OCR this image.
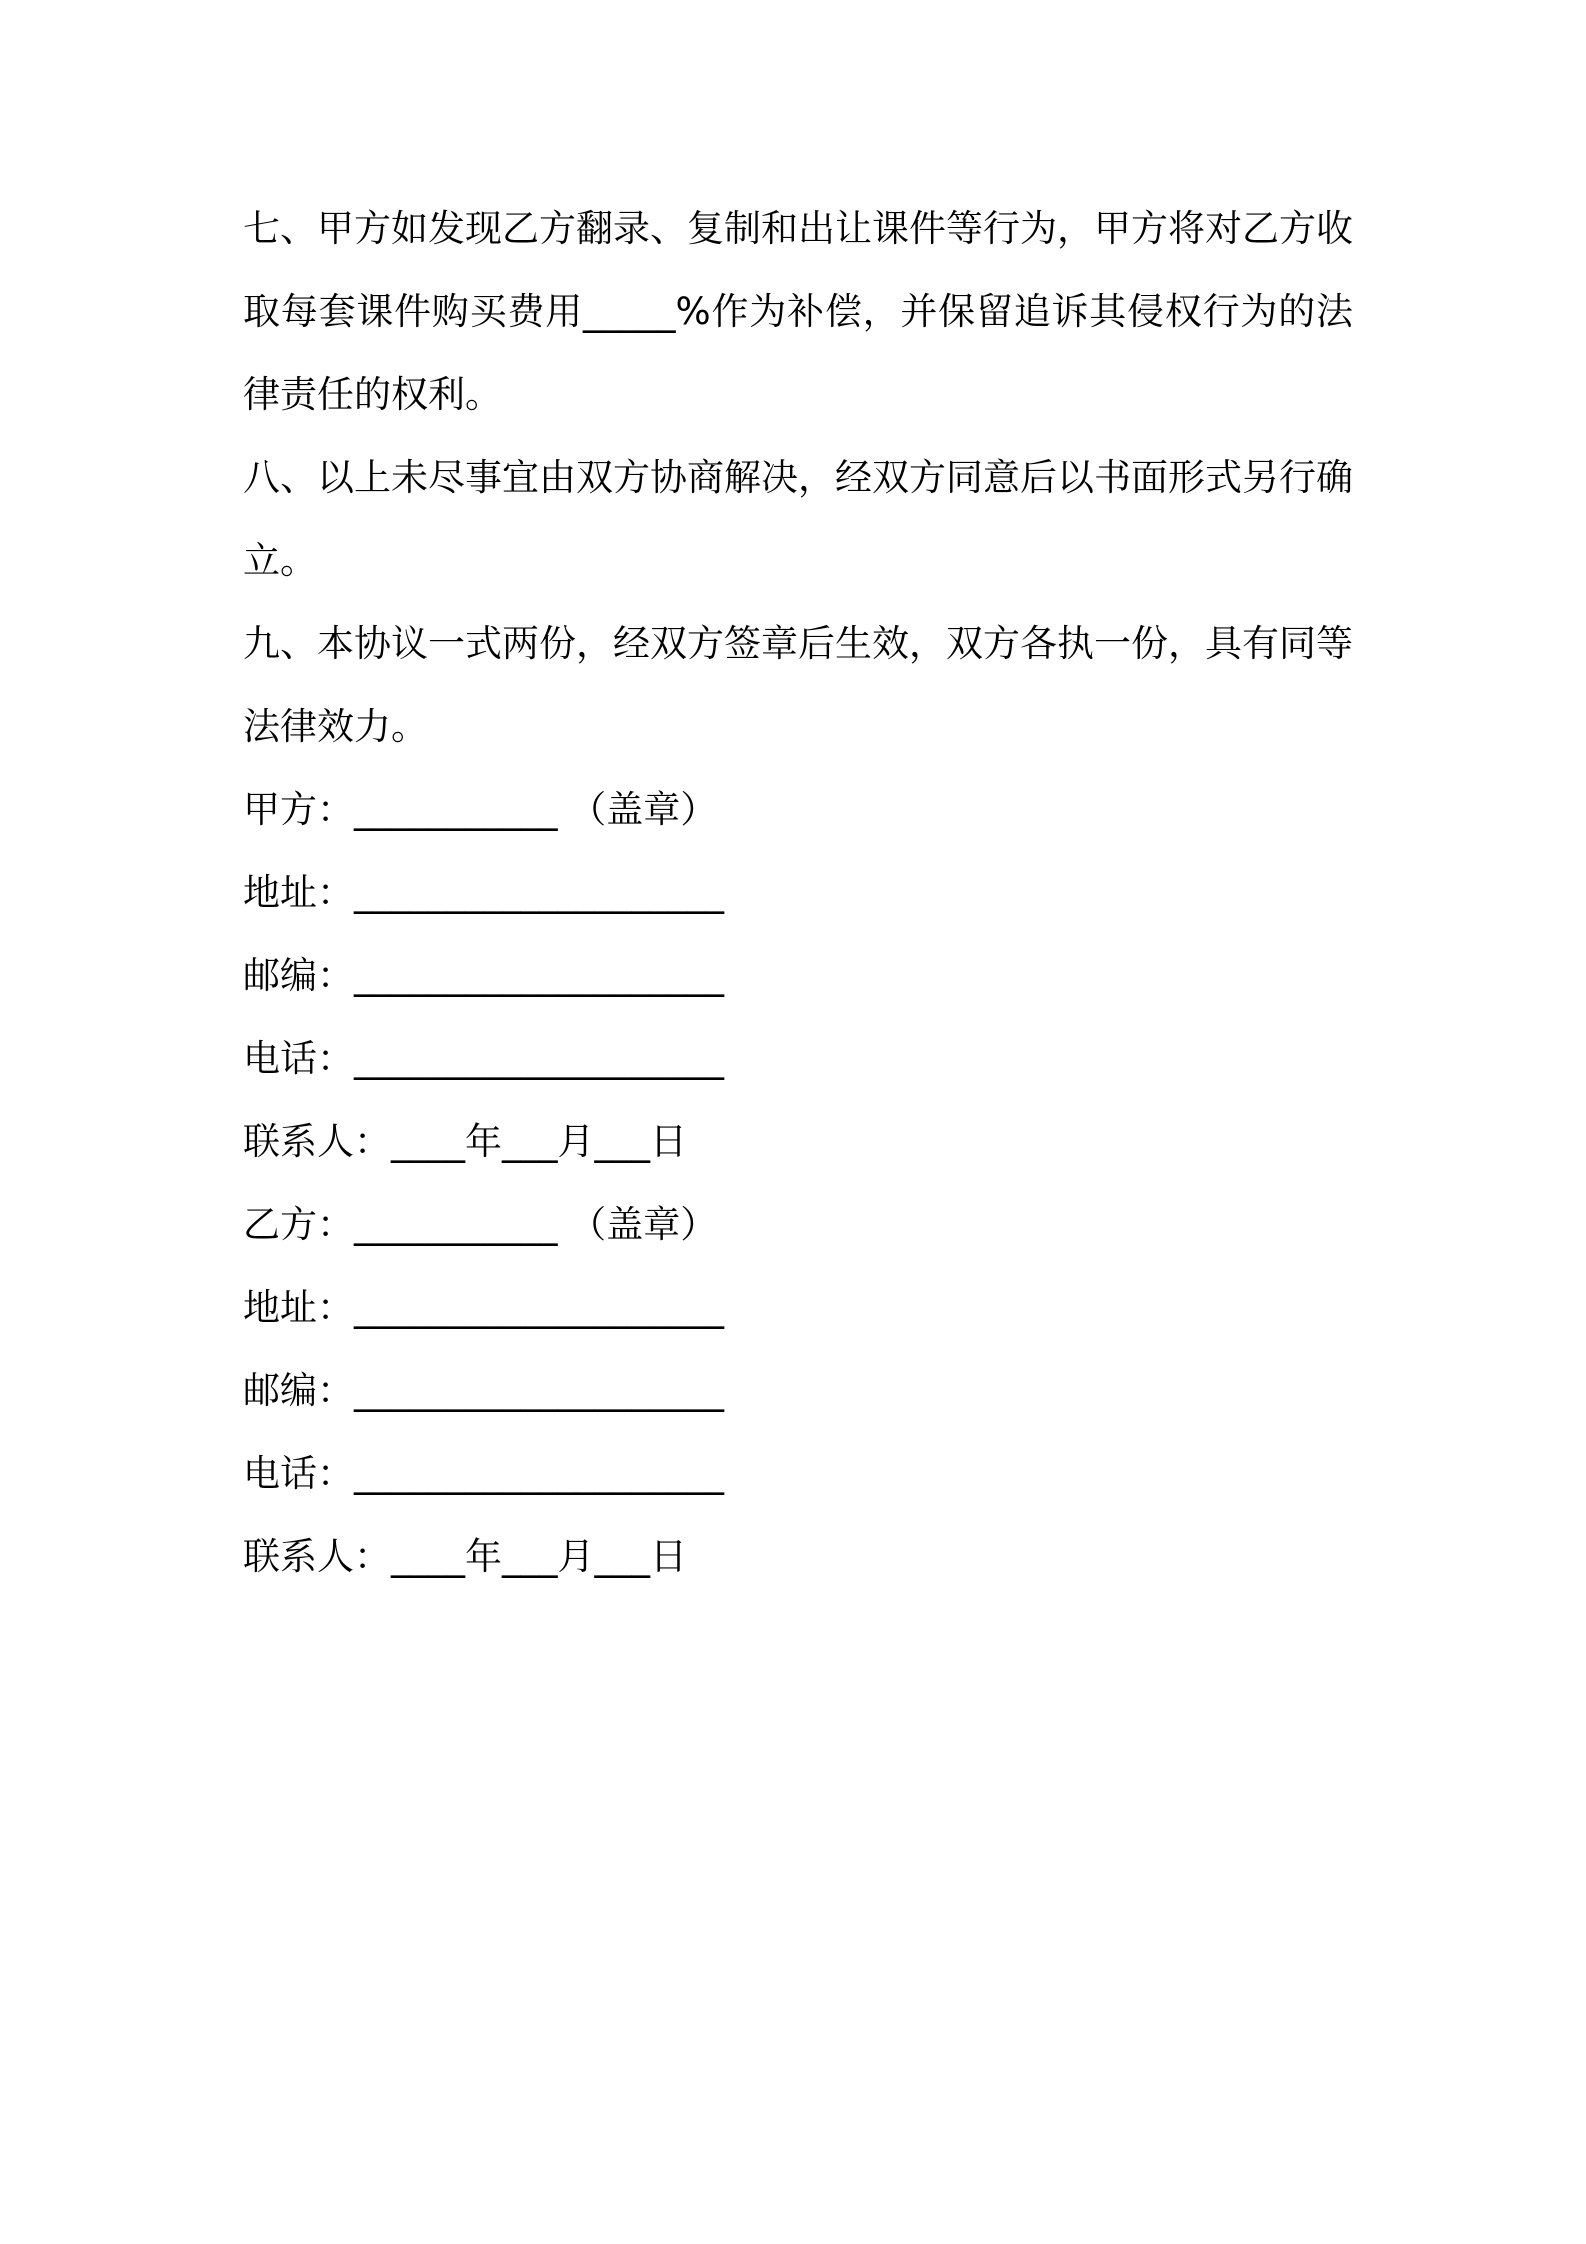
七、甲方如发现乙方翻录、复制和出让课件等行为，甲方将对乙方收
取每套课件购买费用_____%作为补偿，并保留追诉其侵权行为的法
律责任的权利。
八、以上未尽事宜由双方协商解决，经双方同意后以书面形式另行确
立。
九、本协议一式两份，经双方签章后生效，双方各执一份，具有同等
法律效力。
甲方：___________ （盖章）
地址：____________________
邮编：____________________
电话：____________________
联系人：____年___月___日
乙方：___________ （盖章）
地址：____________________
邮编：____________________
电话：____________________
联系人：____年___月___日
